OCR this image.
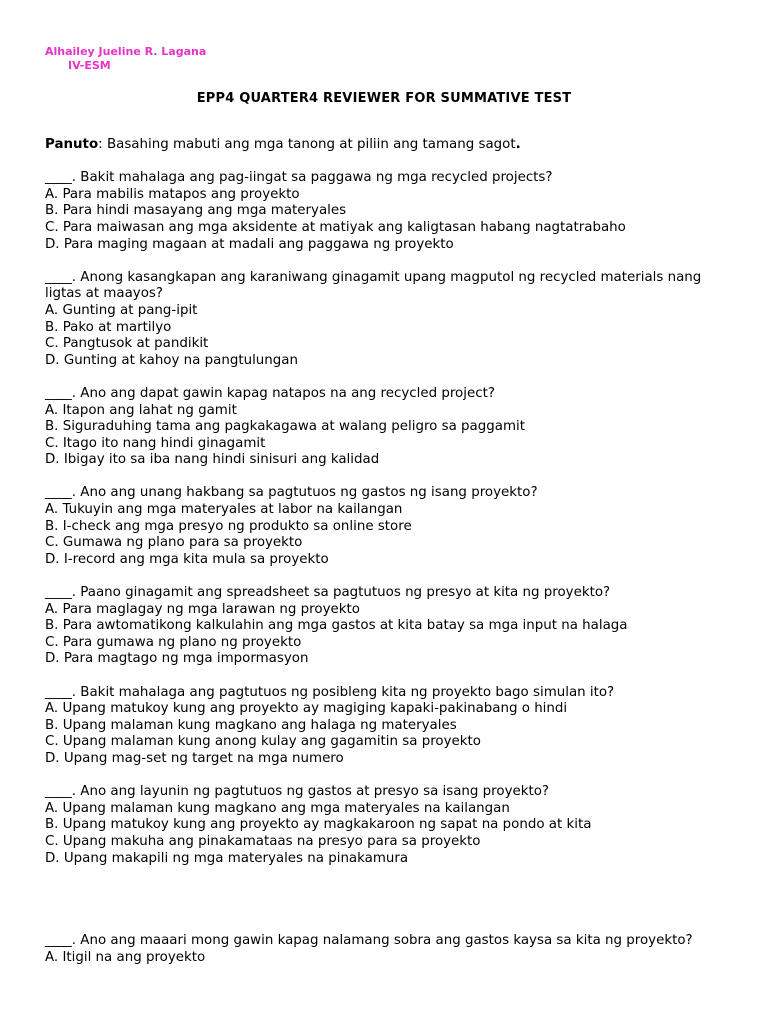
Alhailey Jueline R. Lagana
IV-ESM
EPP4 QUARTER4 REVIEWER FOR SUMMATIVE TEST
Panuto: Basahing mabuti ang mga tanong at piliin ang tamang sagot.
____. Bakit mahalaga ang pag-iingat sa paggawa ng mga recycled projects?
A. Para mabilis matapos ang proyekto
B. Para hindi masayang ang mga materyales
C. Para maiwasan ang mga aksidente at matiyak ang kaligtasan habang nagtatrabaho
D. Para maging magaan at madali ang paggawa ng proyekto
____. Anong kasangkapan ang karaniwang ginagamit upang magputol ng recycled materials nang ligtas at maayos?
A. Gunting at pang-ipit
B. Pako at martilyo
C. Pangtusok at pandikit
D. Gunting at kahoy na pangtulungan
____. Ano ang dapat gawin kapag natapos na ang recycled project?
A. Itapon ang lahat ng gamit
B. Siguraduhing tama ang pagkakagawa at walang peligro sa paggamit
C. Itago ito nang hindi ginagamit
D. Ibigay ito sa iba nang hindi sinisuri ang kalidad
____. Ano ang unang hakbang sa pagtutuos ng gastos ng isang proyekto?
A. Tukuyin ang mga materyales at labor na kailangan
B. I-check ang mga presyo ng produkto sa online store
C. Gumawa ng plano para sa proyekto
D. I-record ang mga kita mula sa proyekto
____. Paano ginagamit ang spreadsheet sa pagtutuos ng presyo at kita ng proyekto?
A. Para maglagay ng mga larawan ng proyekto
B. Para awtomatikong kalkulahin ang mga gastos at kita batay sa mga input na halaga
C. Para gumawa ng plano ng proyekto
D. Para magtago ng mga impormasyon
____. Bakit mahalaga ang pagtutuos ng posibleng kita ng proyekto bago simulan ito?
A. Upang matukoy kung ang proyekto ay magiging kapaki-pakinabang o hindi
B. Upang malaman kung magkano ang halaga ng materyales
C. Upang malaman kung anong kulay ang gagamitin sa proyekto
D. Upang mag-set ng target na mga numero
____. Ano ang layunin ng pagtutuos ng gastos at presyo sa isang proyekto?
A. Upang malaman kung magkano ang mga materyales na kailangan
B. Upang matukoy kung ang proyekto ay magkakaroon ng sapat na pondo at kita
C. Upang makuha ang pinakamataas na presyo para sa proyekto
D. Upang makapili ng mga materyales na pinakamura
____. Ano ang maaari mong gawin kapag nalamang sobra ang gastos kaysa sa kita ng proyekto?
A. Itigil na ang proyekto
